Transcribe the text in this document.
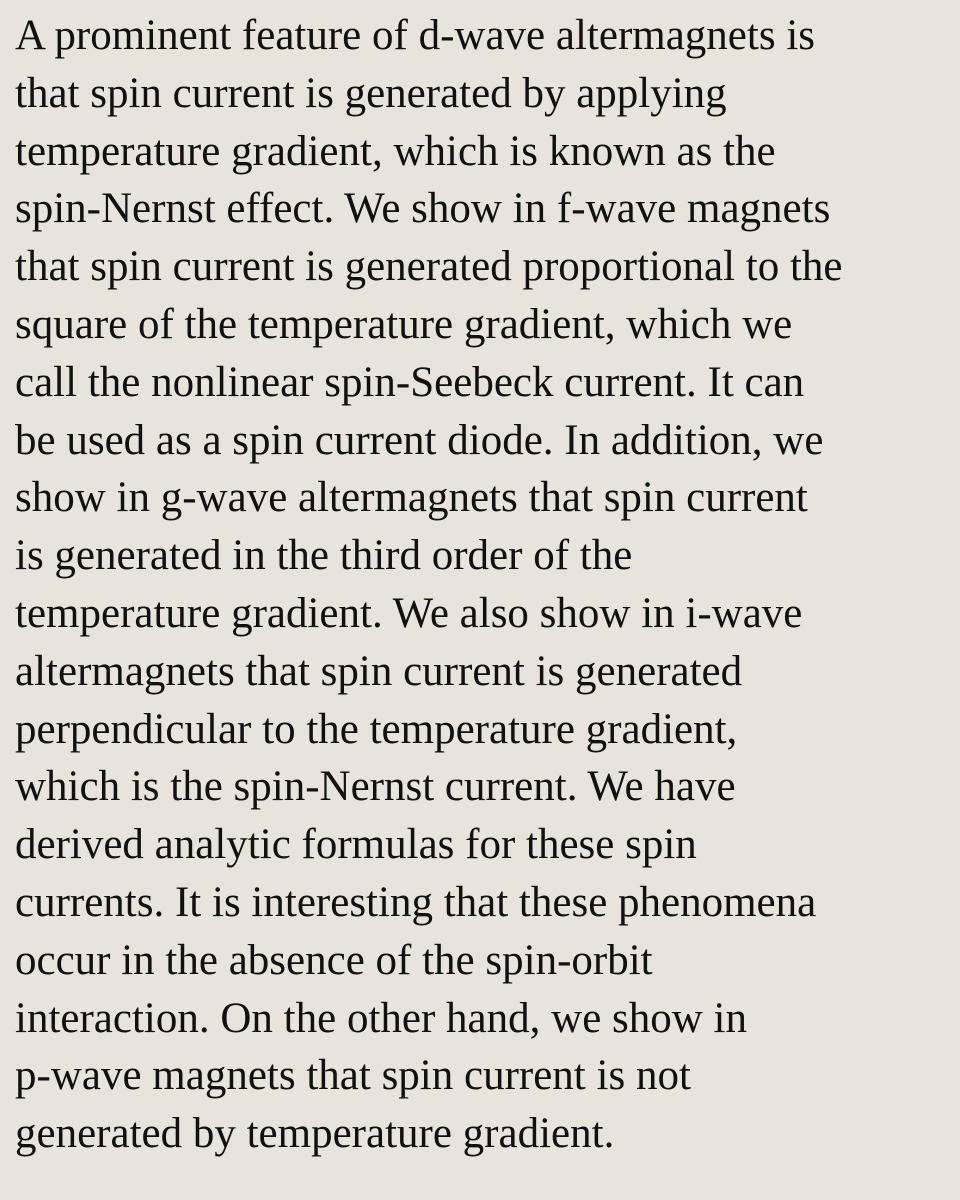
A prominent feature of d-wave altermagnets is
that spin current is generated by applying
temperature gradient, which is known as the
spin-Nernst effect. We show in f-wave magnets
that spin current is generated proportional to the
square of the temperature gradient, which we
call the nonlinear spin-Seebeck current. It can
be used as a spin current diode. In addition, we
show in g-wave altermagnets that spin current
is generated in the third order of the
temperature gradient. We also show in i-wave
altermagnets that spin current is generated
perpendicular to the temperature gradient,
which is the spin-Nernst current. We have
derived analytic formulas for these spin
currents. It is interesting that these phenomena
occur in the absence of the spin-orbit
interaction. On the other hand, we show in
p-wave magnets that spin current is not
generated by temperature gradient.
